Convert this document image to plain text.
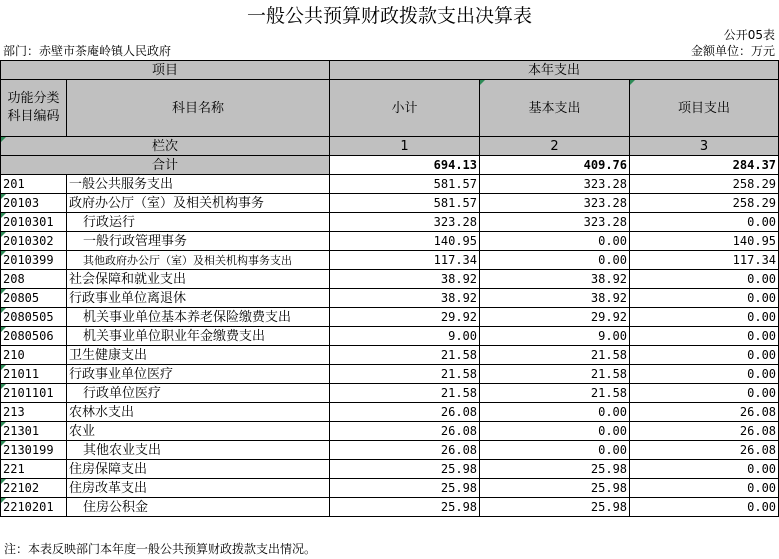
一般公共预算财政拨款支出决算表
公开05表
部门：赤壁市茶庵岭镇人民政府	金额单位：万元
项目		本年支出		
功能分类科目编码	科目名称	小计	基本支出	项目支出
栏次		1	2	3
合计		694.13	409.76	284.37
201	一般公共服务支出	581.57	323.28	258.29
20103	政府办公厅（室）及相关机构事务	581.57	323.28	258.29
2010301	行政运行	323.28	323.28	0.00
2010302	一般行政管理事务	140.95	0.00	140.95
2010399	其他政府办公厅（室）及相关机构事务支出	117.34	0.00	117.34
208	社会保障和就业支出	38.92	38.92	0.00
20805	行政事业单位离退休	38.92	38.92	0.00
2080505	机关事业单位基本养老保险缴费支出	29.92	29.92	0.00
2080506	机关事业单位职业年金缴费支出	9.00	9.00	0.00
210	卫生健康支出	21.58	21.58	0.00
21011	行政事业单位医疗	21.58	21.58	0.00
2101101	行政单位医疗	21.58	21.58	0.00
213	农林水支出	26.08	0.00	26.08
21301	农业	26.08	0.00	26.08
2130199	其他农业支出	26.08	0.00	26.08
221	住房保障支出	25.98	25.98	0.00
22102	住房改革支出	25.98	25.98	0.00
2210201	住房公积金	25.98	25.98	0.00
注：本表反映部门本年度一般公共预算财政拨款支出情况。
